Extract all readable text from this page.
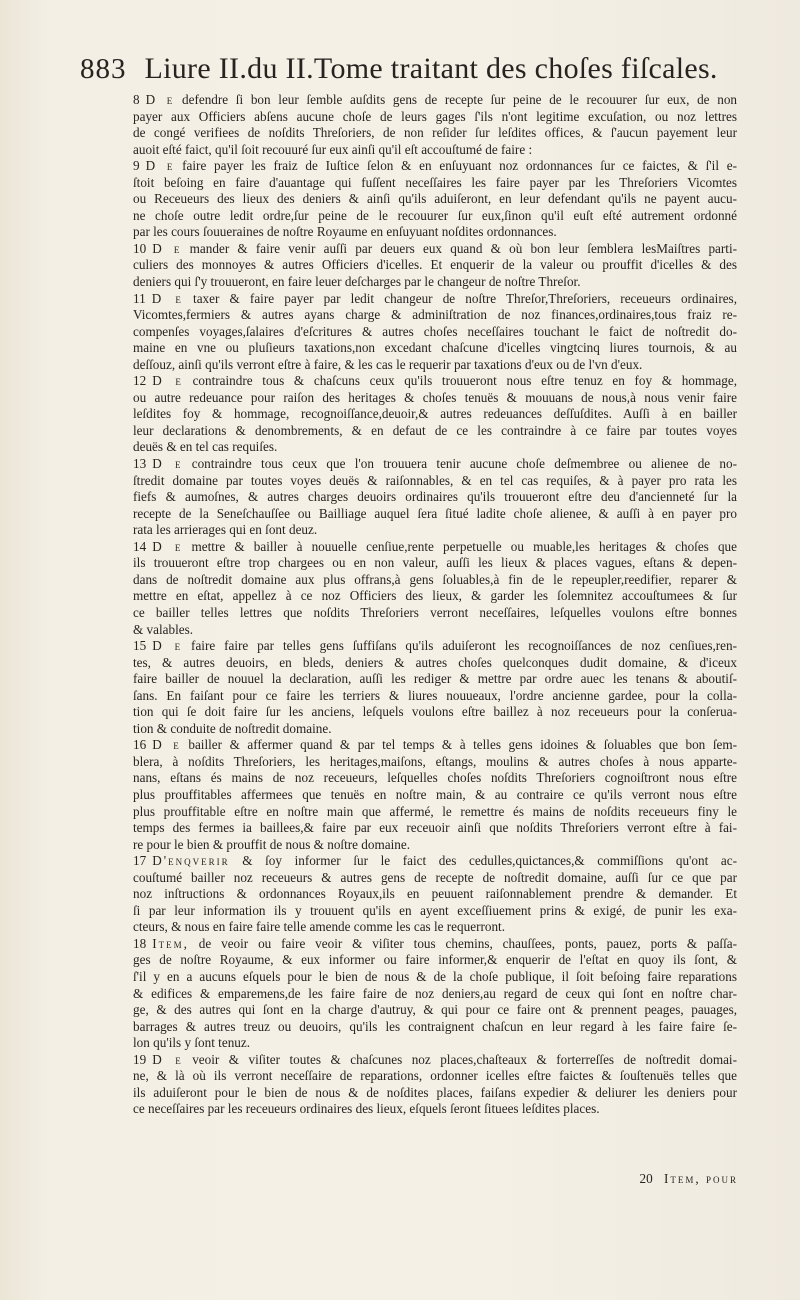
883 Liure II.du II.Tome traitant des choſes fiſcales.
8 D e defendre ſi bon leur ſemble auſdits gens de recepte ſur peine de le recouurer ſur eux, de non
payer aux Officiers abſens aucune choſe de leurs gages ſ'ils n'ont legitime excuſation, ou noz lettres
de congé verifiees de noſdits Threſoriers, de non reſider ſur leſdites offices, & ſ'aucun payement leur
auoit eſté faict, qu'il ſoit recouuré ſur eux ainſi qu'il eſt accouſtumé de faire :
9 D e faire payer les fraiz de Iuſtice ſelon & en enſuyuant noz ordonnances ſur ce faictes, & ſ'il e-
ſtoit beſoing en faire d'auantage qui fuſſent neceſſaires les faire payer par les Threſoriers Vicomtes
ou Receueurs des lieux des deniers & ainſi qu'ils aduiſeront, en leur defendant qu'ils ne payent aucu-
ne choſe outre ledit ordre,ſur peine de le recouurer ſur eux,ſinon qu'il euſt eſté autrement ordonné
par les cours ſouueraines de noſtre Royaume en enſuyuant noſdites ordonnances.
10 D e mander & faire venir auſſi par deuers eux quand & où bon leur ſemblera lesMaiſtres parti-
culiers des monnoyes & autres Officiers d'icelles. Et enquerir de la valeur ou prouffit d'icelles & des
deniers qui ſ'y trouueront, en faire leuer deſcharges par le changeur de noſtre Threſor.
11 D e taxer & faire payer par ledit changeur de noſtre Threſor,Threſoriers, receueurs ordinaires,
Vicomtes,fermiers & autres ayans charge & adminiſtration de noz finances,ordinaires,tous fraiz re-
compenſes voyages,ſalaires d'eſcritures & autres choſes neceſſaires touchant le faict de noſtredit do-
maine en vne ou pluſieurs taxations,non excedant chaſcune d'icelles vingtcinq liures tournois, & au
deſſouz, ainſi qu'ils verront eſtre à faire, & les cas le requerir par taxations d'eux ou de l'vn d'eux.
12 D e contraindre tous & chaſcuns ceux qu'ils trouueront nous eſtre tenuz en foy & hommage,
ou autre redeuance pour raiſon des heritages & choſes tenuës & mouuans de nous,à nous venir faire
leſdites foy & hommage, recognoiſſance,deuoir,& autres redeuances deſſuſdites. Auſſi à en bailler
leur declarations & denombrements, & en defaut de ce les contraindre à ce faire par toutes voyes
deuës & en tel cas requiſes.
13 D e contraindre tous ceux que l'on trouuera tenir aucune choſe deſmembree ou alienee de no-
ſtredit domaine par toutes voyes deuës & raiſonnables, & en tel cas requiſes, & à payer pro rata les
fiefs & aumoſnes, & autres charges deuoirs ordinaires qu'ils trouueront eſtre deu d'ancienneté ſur la
recepte de la Seneſchauſſee ou Bailliage auquel ſera ſitué ladite choſe alienee, & auſſi à en payer pro
rata les arrierages qui en ſont deuz.
14 D e mettre & bailler à nouuelle cenſiue,rente perpetuelle ou muable,les heritages & choſes que
ils trouueront eſtre trop chargees ou en non valeur, auſſi les lieux & places vagues, eſtans & depen-
dans de noſtredit domaine aux plus offrans,à gens ſoluables,à fin de le repeupler,reedifier, reparer &
mettre en eſtat, appellez à ce noz Officiers des lieux, & garder les ſolemnitez accouſtumees & ſur
ce bailler telles lettres que noſdits Threſoriers verront neceſſaires, leſquelles voulons eſtre bonnes
& valables.
15 D e faire faire par telles gens ſuffiſans qu'ils aduiſeront les recognoiſſances de noz cenſiues,ren-
tes, & autres deuoirs, en bleds, deniers & autres choſes quelconques dudit domaine, & d'iceux
faire bailler de nouuel la declaration, auſſi les rediger & mettre par ordre auec les tenans & aboutiſ-
ſans. En faiſant pour ce faire les terriers & liures nouueaux, l'ordre ancienne gardee, pour la colla-
tion qui ſe doit faire ſur les anciens, leſquels voulons eſtre baillez à noz receueurs pour la conſerua-
tion & conduite de noſtredit domaine.
16 D e bailler & affermer quand & par tel temps & à telles gens idoines & ſoluables que bon ſem-
blera, à noſdits Threſoriers, les heritages,maiſons, eſtangs, moulins & autres choſes à nous apparte-
nans, eſtans és mains de noz receueurs, leſquelles choſes noſdits Threſoriers cognoiſtront nous eſtre
plus prouffitables affermees que tenuës en noſtre main, & au contraire ce qu'ils verront nous eſtre
plus prouffitable eſtre en noſtre main que affermé, le remettre és mains de noſdits receueurs finy le
temps des fermes ia baillees,& faire par eux receuoir ainſi que noſdits Threſoriers verront eſtre à fai-
re pour le bien & prouffit de nous & noſtre domaine.
17 D'enqverir & ſoy informer ſur le faict des cedulles,quictances,& commiſſions qu'ont ac-
couſtumé bailler noz receueurs & autres gens de recepte de noſtredit domaine, auſſi ſur ce que par
noz inſtructions & ordonnances Royaux,ils en peuuent raiſonnablement prendre & demander. Et
ſi par leur information ils y trouuent qu'ils en ayent exceſſiuement prins & exigé, de punir les exa-
cteurs, & nous en faire faire telle amende comme les cas le requerront.
18 Item, de veoir ou faire veoir & viſiter tous chemins, chauſſees, ponts, pauez, ports & paſſa-
ges de noſtre Royaume, & eux informer ou faire informer,& enquerir de l'eſtat en quoy ils ſont, &
ſ'il y en a aucuns eſquels pour le bien de nous & de la choſe publique, il ſoit beſoing faire reparations
& edifices & emparemens,de les faire faire de noz deniers,au regard de ceux qui ſont en noſtre char-
ge, & des autres qui ſont en la charge d'autruy, & qui pour ce faire ont & prennent peages, pauages,
barrages & autres treuz ou deuoirs, qu'ils les contraignent chaſcun en leur regard à les faire faire ſe-
lon qu'ils y ſont tenuz.
19 D e veoir & viſiter toutes & chaſcunes noz places,chaſteaux & forterreſſes de noſtredit domai-
ne, & là où ils verront neceſſaire de reparations, ordonner icelles eſtre faictes & ſouſtenuës telles que
ils aduiſeront pour le bien de nous & de noſdites places, faiſans expedier & deliurer les deniers pour
ce neceſſaires par les receueurs ordinaires des lieux, eſquels ſeront ſituees leſdites places.
20 Item, pour
